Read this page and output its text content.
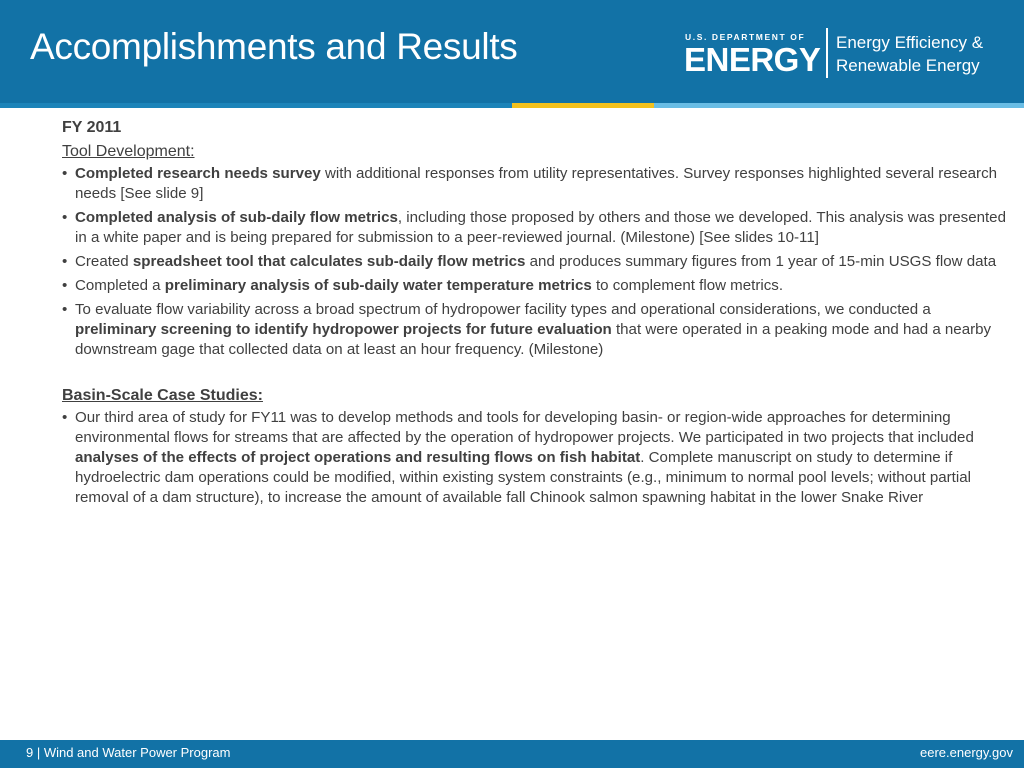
Accomplishments and Results	U.S. DEPARTMENT OF
ENERGY Energy Efficiency &
Renewable Energy
FY 2011
Tool Development:
• Completed research needs survey with additional responses from utility representatives. Survey responses highlighted several research needs [See slide 9]
• Completed analysis of sub-daily flow metrics, including those proposed by others and those we developed. This analysis was presented in a white paper and is being prepared for submission to a peer-reviewed journal. (Milestone) [See slides 10-11]
• Created spreadsheet tool that calculates sub-daily flow metrics and produces summary figures from 1 year of 15-min USGS flow data
• Completed a preliminary analysis of sub-daily water temperature metrics to complement flow metrics.
• To evaluate flow variability across a broad spectrum of hydropower facility types and operational considerations, we conducted a preliminary screening to identify hydropower projects for future evaluation that were operated in a peaking mode and had a nearby downstream gage that collected data on at least an hour frequency. (Milestone)
Basin-Scale Case Studies:
• Our third area of study for FY11 was to develop methods and tools for developing basin- or region-wide approaches for determining environmental flows for streams that are affected by the operation of hydropower projects. We participated in two projects that included analyses of the effects of project operations and resulting flows on fish habitat. Complete manuscript on study to determine if hydroelectric dam operations could be modified, within existing system constraints (e.g., minimum to normal pool levels; without partial removal of a dam structure), to increase the amount of available fall Chinook salmon spawning habitat in the lower Snake River
9 | Wind and Water Power Program	eere.energy.gov
